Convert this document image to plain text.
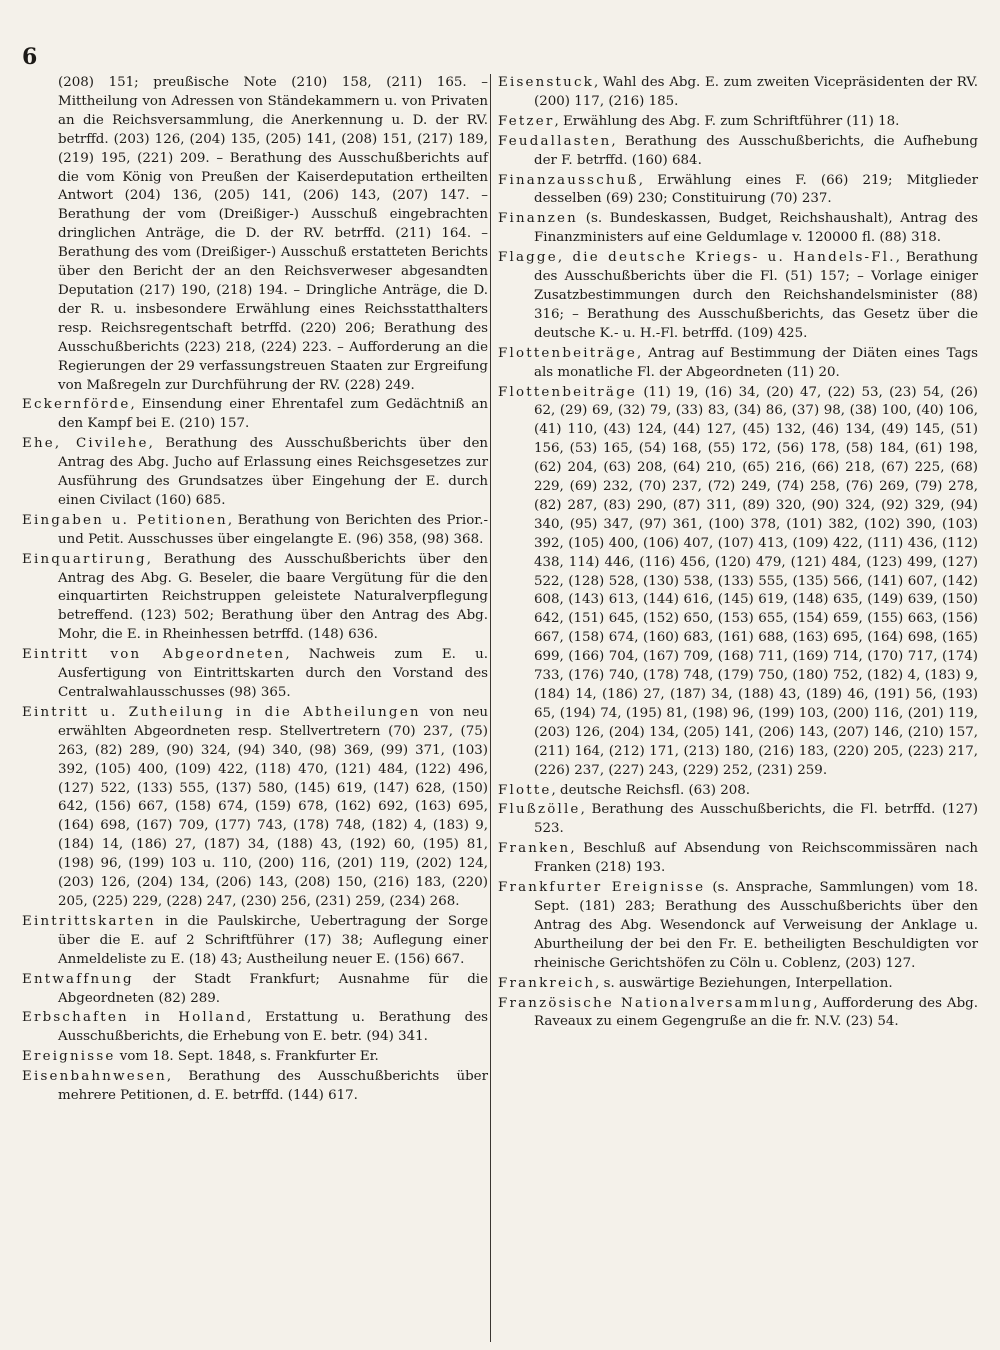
6

(208) 151; preußische Note (210) 158, (211) 165. – Mittheilung von Adressen von Ständekammern u. von Privaten an die Reichsversammlung, die Anerkennung u. D. der RV. betrffd. (203) 126, (204) 135, (205) 141, (208) 151, (217) 189, (219) 195, (221) 209. – Berathung des Ausschußberichts auf die vom König von Preußen der Kaiserdeputation ertheilten Antwort (204) 136, (205) 141, (206) 143, (207) 147. – Berathung der vom (Dreißiger-) Ausschuß eingebrachten dringlichen Anträge, die D. der RV. betrffd. (211) 164. – Berathung des vom (Dreißiger-) Ausschuß erstatteten Berichts über den Bericht der an den Reichsverweser abgesandten Deputation (217) 190, (218) 194. – Dringliche Anträge, die D. der R. u. insbesondere Erwählung eines Reichsstatthalters resp. Reichsregentschaft betrffd. (220) 206; Berathung des Ausschußberichts (223) 218, (224) 223. – Aufforderung an die Regierungen der 29 verfassungstreuen Staaten zur Ergreifung von Maßregeln zur Durchführung der RV. (228) 249.

Eckernförde, Einsendung einer Ehrentafel zum Gedächtniß an den Kampf bei E. (210) 157.

Ehe, Civilehe, Berathung des Ausschußberichts über den Antrag des Abg. Jucho auf Erlassung eines Reichsgesetzes zur Ausführung des Grundsatzes über Eingehung der E. durch einen Civilact (160) 685.

Eingaben u. Petitionen, Berathung von Berichten des Prior.- und Petit. Ausschusses über eingelangte E. (96) 358, (98) 368.

Einquartirung, Berathung des Ausschußberichts über den Antrag des Abg. G. Beseler, die baare Vergütung für die den einquartirten Reichstruppen geleistete Naturalverpflegung betreffend. (123) 502; Berathung über den Antrag des Abg. Mohr, die E. in Rheinhessen betrffd. (148) 636.

Eintritt von Abgeordneten, Nachweis zum E. u. Ausfertigung von Eintrittskarten durch den Vorstand des Centralwahlausschusses (98) 365.

Eintritt u. Zutheilung in die Abtheilungen von neu erwählten Abgeordneten resp. Stellvertretern (70) 237, (75) 263, (82) 289, (90) 324, (94) 340, (98) 369, (99) 371, (103) 392, (105) 400, (109) 422, (118) 470, (121) 484, (122) 496, (127) 522, (133) 555, (137) 580, (145) 619, (147) 628, (150) 642, (156) 667, (158) 674, (159) 678, (162) 692, (163) 695, (164) 698, (167) 709, (177) 743, (178) 748, (182) 4, (183) 9, (184) 14, (186) 27, (187) 34, (188) 43, (192) 60, (195) 81, (198) 96, (199) 103 u. 110, (200) 116, (201) 119, (202) 124, (203) 126, (204) 134, (206) 143, (208) 150, (216) 183, (220) 205, (225) 229, (228) 247, (230) 256, (231) 259, (234) 268.

Eintrittskarten in die Paulskirche, Uebertragung der Sorge über die E. auf 2 Schriftführer (17) 38; Auflegung einer Anmeldeliste zu E. (18) 43; Austheilung neuer E. (156) 667.

Entwaffnung der Stadt Frankfurt; Ausnahme für die Abgeordneten (82) 289.

Erbschaften in Holland, Erstattung u. Berathung des Ausschußberichts, die Erhebung von E. betr. (94) 341.

Ereignisse vom 18. Sept. 1848, s. Frankfurter Er.

Eisenbahnwesen, Berathung des Ausschußberichts über mehrere Petitionen, d. E. betrffd. (144) 617.

Eisenstuck, Wahl des Abg. E. zum zweiten Vicepräsidenten der RV. (200) 117, (216) 185.

Fetzer, Erwählung des Abg. F. zum Schriftführer (11) 18.

Feudallasten, Berathung des Ausschußberichts, die Aufhebung der F. betrffd. (160) 684.

Finanzausschuß, Erwählung eines F. (66) 219; Mitglieder desselben (69) 230; Constituirung (70) 237.

Finanzen (s. Bundeskassen, Budget, Reichshaushalt), Antrag des Finanzministers auf eine Geldumlage v. 120000 fl. (88) 318.

Flagge, die deutsche Kriegs- u. Handels-Fl., Berathung des Ausschußberichts über die Fl. (51) 157; – Vorlage einiger Zusatzbestimmungen durch den Reichshandelsminister (88) 316; – Berathung des Ausschußberichts, das Gesetz über die deutsche K.- u. H.-Fl. betrffd. (109) 425.

Flottenbeiträge, Antrag auf Bestimmung der Diäten eines Tags als monatliche Fl. der Abgeordneten (11) 20.

Flottenbeiträge (11) 19, (16) 34, (20) 47, (22) 53, (23) 54, (26) 62, (29) 69, (32) 79, (33) 83, (34) 86, (37) 98, (38) 100, (40) 106, (41) 110, (43) 124, (44) 127, (45) 132, (46) 134, (49) 145, (51) 156, (53) 165, (54) 168, (55) 172, (56) 178, (58) 184, (61) 198, (62) 204, (63) 208, (64) 210, (65) 216, (66) 218, (67) 225, (68) 229, (69) 232, (70) 237, (72) 249, (74) 258, (76) 269, (79) 278, (82) 287, (83) 290, (87) 311, (89) 320, (90) 324, (92) 329, (94) 340, (95) 347, (97) 361, (100) 378, (101) 382, (102) 390, (103) 392, (105) 400, (106) 407, (107) 413, (109) 422, (111) 436, (112) 438, 114) 446, (116) 456, (120) 479, (121) 484, (123) 499, (127) 522, (128) 528, (130) 538, (133) 555, (135) 566, (141) 607, (142) 608, (143) 613, (144) 616, (145) 619, (148) 635, (149) 639, (150) 642, (151) 645, (152) 650, (153) 655, (154) 659, (155) 663, (156) 667, (158) 674, (160) 683, (161) 688, (163) 695, (164) 698, (165) 699, (166) 704, (167) 709, (168) 711, (169) 714, (170) 717, (174) 733, (176) 740, (178) 748, (179) 750, (180) 752, (182) 4, (183) 9, (184) 14, (186) 27, (187) 34, (188) 43, (189) 46, (191) 56, (193) 65, (194) 74, (195) 81, (198) 96, (199) 103, (200) 116, (201) 119, (203) 126, (204) 134, (205) 141, (206) 143, (207) 146, (210) 157, (211) 164, (212) 171, (213) 180, (216) 183, (220) 205, (223) 217, (226) 237, (227) 243, (229) 252, (231) 259.

Flotte, deutsche Reichsfl. (63) 208.

Flußzölle, Berathung des Ausschußberichts, die Fl. betrffd. (127) 523.

Franken, Beschluß auf Absendung von Reichscommissären nach Franken (218) 193.

Frankfurter Ereignisse (s. Ansprache, Sammlungen) vom 18. Sept. (181) 283; Berathung des Ausschußberichts über den Antrag des Abg. Wesendonck auf Verweisung der Anklage u. Aburtheilung der bei den Fr. E. betheiligten Beschuldigten vor rheinische Gerichtshöfen zu Cöln u. Coblenz, (203) 127.

Frankreich, s. auswärtige Beziehungen, Interpellation.

Französische Nationalversammlung, Aufforderung des Abg. Raveaux zu einem Gegengruße an die fr. N.V. (23) 54.
